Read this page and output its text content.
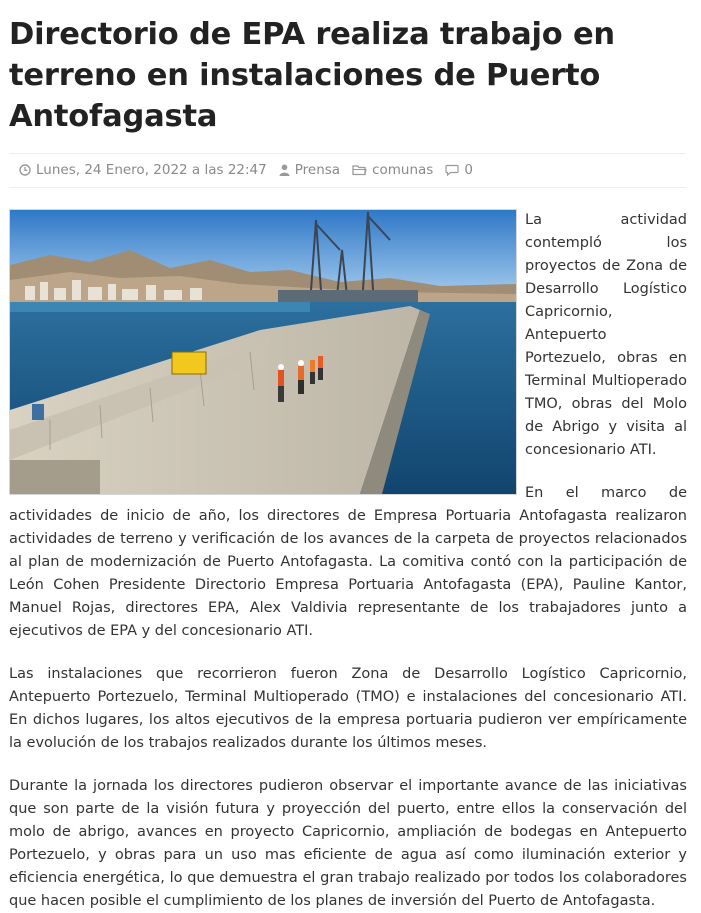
Directorio de EPA realiza trabajo en terreno en instalaciones de Puerto Antofagasta
Lunes, 24 Enero, 2022 a las 22:47 Prensa comunas 0

La actividad contempló los proyectos de Zona de Desarrollo Logístico Capricornio, Antepuerto Portezuelo, obras en Terminal Multioperado TMO, obras del Molo de Abrigo y visita al concesionario ATI.

En el marco de actividades de inicio de año, los directores de Empresa Portuaria Antofagasta realizaron actividades de terreno y verificación de los avances de la carpeta de proyectos relacionados al plan de modernización de Puerto Antofagasta. La comitiva contó con la participación de León Cohen Presidente Directorio Empresa Portuaria Antofagasta (EPA), Pauline Kantor, Manuel Rojas, directores EPA, Alex Valdivia representante de los trabajadores junto a ejecutivos de EPA y del concesionario ATI.

Las instalaciones que recorrieron fueron Zona de Desarrollo Logístico Capricornio, Antepuerto Portezuelo, Terminal Multioperado (TMO) e instalaciones del concesionario ATI. En dichos lugares, los altos ejecutivos de la empresa portuaria pudieron ver empíricamente la evolución de los trabajos realizados durante los últimos meses.

Durante la jornada los directores pudieron observar el importante avance de las iniciativas que son parte de la visión futura y proyección del puerto, entre ellos la conservación del molo de abrigo, avances en proyecto Capricornio, ampliación de bodegas en Antepuerto Portezuelo, y obras para un uso mas eficiente de agua así como iluminación exterior y eficiencia energética, lo que demuestra el gran trabajo realizado por todos los colaboradores que hacen posible el cumplimiento de los planes de inversión del Puerto de Antofagasta.
